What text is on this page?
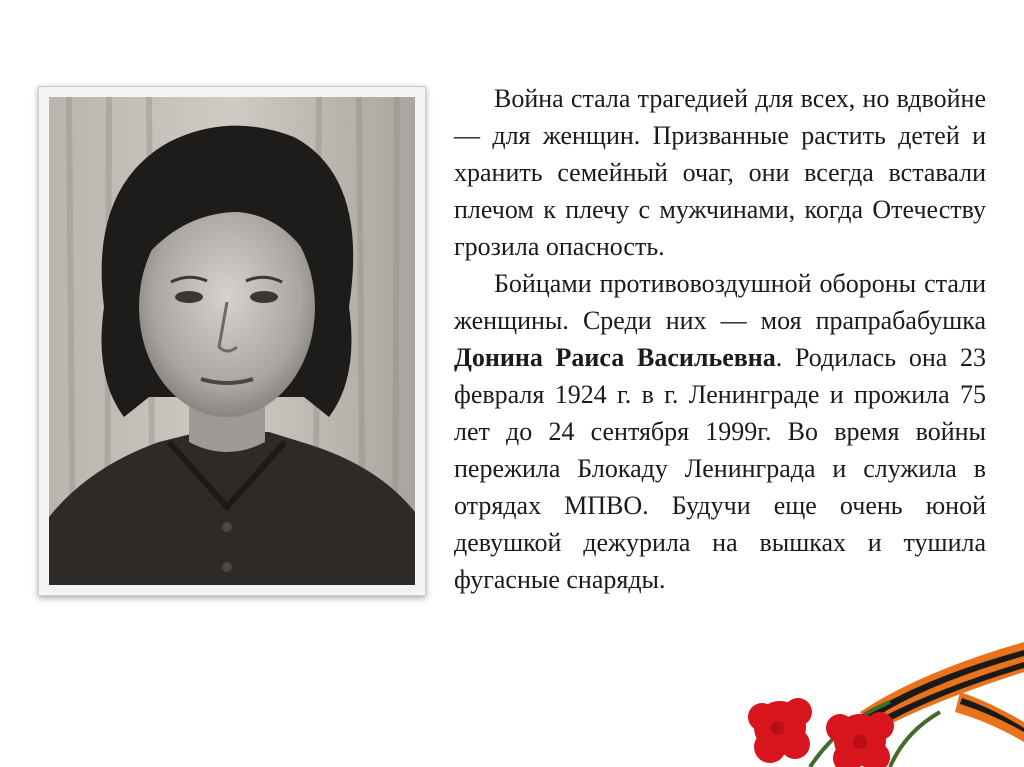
Война стала трагедией для всех, но вдвойне — для женщин. Призванные растить детей и хранить семейный очаг, они всегда вставали плечом к плечу с мужчинами, когда Отечеству грозила опасность.

Бойцами противовоздушной обороны стали женщины. Среди них — моя прапрабабушка Донина Раиса Васильевна. Родилась она 23 февраля 1924 г. в г. Ленинграде и прожила 75 лет до 24 сентября 1999г. Во время войны пережила Блокаду Ленинграда и служила в отрядах МПВО. Будучи еще очень юной девушкой дежурила на вышках и тушила фугасные снаряды.
